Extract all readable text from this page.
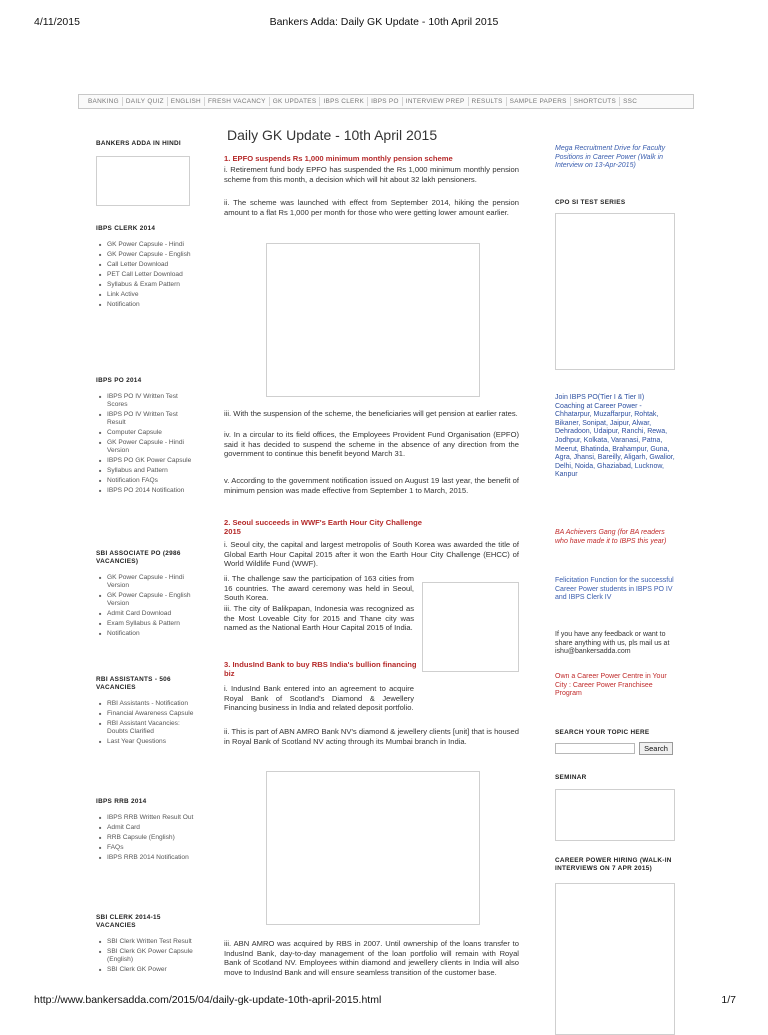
4/11/2015	Bankers Adda: Daily GK Update - 10th April 2015
BANKING	DAILY QUIZ	ENGLISH	FRESH VACANCY	GK UPDATES	IBPS CLERK	IBPS PO	INTERVIEW PREP	RESULTS	SAMPLE PAPERS	SHORTCUTS	SSC
BANKERS ADDA IN HINDI
IBPS CLERK 2014
■ GK Power Capsule - Hindi
■ GK Power Capsule - English
■ Call Letter Download
■ PET Call Letter Download
■ Syllabus & Exam Pattern
■ Link Active
■ Notification
IBPS PO 2014
■ IBPS PO IV Written Test Scores
■ IBPS PO IV Written Test Result
■ Computer Capsule
■ GK Power Capsule - Hindi Version
■ IBPS PO GK Power Capsule
■ Syllabus and Pattern
■ Notification FAQs
■ IBPS PO 2014 Notification
SBI ASSOCIATE PO (2986 VACANCIES)
■ GK Power Capsule - Hindi Version
■ GK Power Capsule - English Version
■ Admit Card Download
■ Exam Syllabus & Pattern
■ Notification
RBI ASSISTANTS - 506 VACANCIES
■ RBI Assistants - Notification
■ Financial Awareness Capsule
■ RBI Assistant Vacancies: Doubts Clarified
■ Last Year Questions
IBPS RRB 2014
■ IBPS RRB Written Result Out
■ Admit Card
■ RRB Capsule (English)
■ FAQs
■ IBPS RRB 2014 Notification
SBI CLERK 2014-15 VACANCIES
■ SBI Clerk Written Test Result
■ SBI Clerk GK Power Capsule (English)
■ SBI Clerk GK Power
Daily GK Update - 10th April 2015
1. EPFO suspends Rs 1,000 minimum monthly pension scheme

i. Retirement fund body EPFO has suspended the Rs 1,000 minimum monthly pension scheme from this month, a decision which will hit about 32 lakh pensioners.

ii. The scheme was launched with effect from September 2014, hiking the pension amount to a flat Rs 1,000 per month for those who were getting lower amount earlier.

iii. With the suspension of the scheme, the beneficiaries will get pension at earlier rates.

iv. In a circular to its field offices, the Employees Provident Fund Organisation (EPFO) said it has decided to suspend the scheme in the absence of any direction from the government to continue this benefit beyond March 31.

v. According to the government notification issued on August 19 last year, the benefit of minimum pension was made effective from September 1 to March, 2015.

2. Seoul succeeds in WWF's Earth Hour City Challenge 2015

i. Seoul city, the capital and largest metropolis of South Korea was awarded the title of Global Earth Hour Capital 2015 after it won the Earth Hour City Challenge (EHCC) of World Wildlife Fund (WWF).

ii. The challenge saw the participation of 163 cities from 16 countries. The award ceremony was held in Seoul, South Korea.

iii. The city of Balikpapan, Indonesia was recognized as the Most Loveable City for 2015 and Thane city was named as the National Earth Hour Capital 2015 of India.

3. IndusInd Bank to buy RBS India's bullion financing biz

i. IndusInd Bank entered into an agreement to acquire Royal Bank of Scotland's Diamond & Jewellery Financing business in India and related deposit portfolio.

ii. This is part of ABN AMRO Bank NV's diamond & jewellery clients [unit] that is housed in Royal Bank of Scotland NV acting through its Mumbai branch in India.

iii. ABN AMRO was acquired by RBS in 2007. Until ownership of the loans transfer to IndusInd Bank, day-to-day management of the loan portfolio will remain with Royal Bank of Scotland NV. Employees within diamond and jewellery clients in India will also move to IndusInd Bank and will ensure seamless transition of the customer base.

Mega Recruitment Drive for Faculty Positions in Career Power (Walk in Interview on 13-Apr-2015)

CPO SI TEST SERIES

Join IBPS PO(Tier I & Tier II) Coaching at Career Power - Chhatarpur, Muzaffarpur, Rohtak, Bikaner, Sonipat, Jaipur, Alwar, Dehradoon, Udaipur, Ranchi, Rewa, Jodhpur, Kolkata, Varanasi, Patna, Meerut, Bhatinda, Brahampur, Guna, Agra, Jhansi, Bareilly, Aligarh, Gwalior, Delhi, Noida, Ghaziabad, Lucknow, Kanpur

BA Achievers Gang (for BA readers who have made it to IBPS this year)

Felicitation Function for the successful Career Power students in IBPS PO IV and IBPS Clerk IV

If you have any feedback or want to share anything with us, pls mail us at ishu@bankersadda.com

Own a Career Power Centre in Your City : Career Power Franchisee Program

SEARCH YOUR TOPIC HERE

Search

SEMINAR

CAREER POWER HIRING (WALK-IN INTERVIEWS ON 7 APR 2015)

http://www.bankersadda.com/2015/04/daily-gk-update-10th-april-2015.html	1/7
